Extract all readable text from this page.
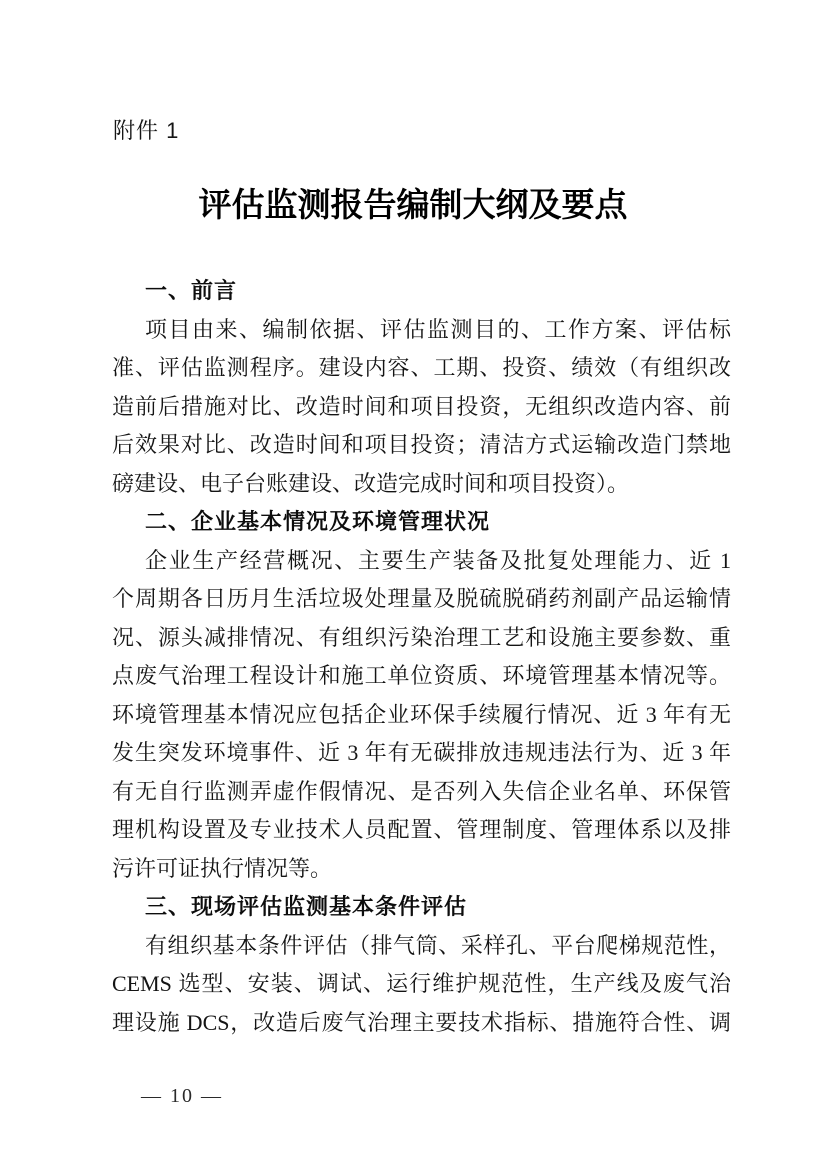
附件 1
评估监测报告编制大纲及要点
一、前言
项目由来、编制依据、评估监测目的、工作方案、评估标
准、评估监测程序。建设内容、工期、投资、绩效（有组织改
造前后措施对比、改造时间和项目投资，无组织改造内容、前
后效果对比、改造时间和项目投资；清洁方式运输改造门禁地
磅建设、电子台账建设、改造完成时间和项目投资）。
二、企业基本情况及环境管理状况
企业生产经营概况、主要生产装备及批复处理能力、近 1
个周期各日历月生活垃圾处理量及脱硫脱硝药剂副产品运输情
况、源头减排情况、有组织污染治理工艺和设施主要参数、重
点废气治理工程设计和施工单位资质、环境管理基本情况等。
环境管理基本情况应包括企业环保手续履行情况、近 3 年有无
发生突发环境事件、近 3 年有无碳排放违规违法行为、近 3 年
有无自行监测弄虚作假情况、是否列入失信企业名单、环保管
理机构设置及专业技术人员配置、管理制度、管理体系以及排
污许可证执行情况等。
三、现场评估监测基本条件评估
有组织基本条件评估（排气筒、采样孔、平台爬梯规范性，
CEMS 选型、安装、调试、运行维护规范性，生产线及废气治
理设施 DCS，改造后废气治理主要技术指标、措施符合性、调
— 10 —
